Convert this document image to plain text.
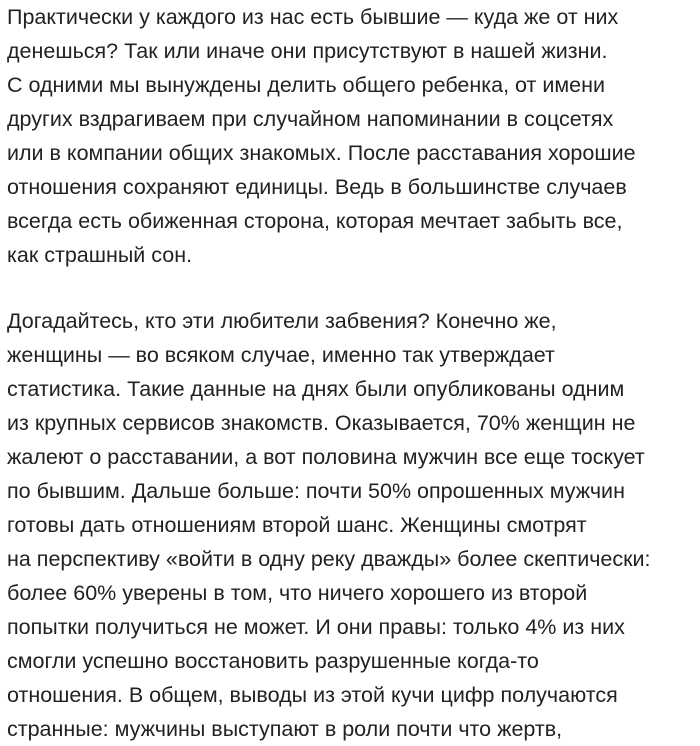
Практически у каждого из нас есть бывшие — куда же от них
денешься? Так или иначе они присутствуют в нашей жизни.
С одними мы вынуждены делить общего ребенка, от имени
других вздрагиваем при случайном напоминании в соцсетях
или в компании общих знакомых. После расставания хорошие
отношения сохраняют единицы. Ведь в большинстве случаев
всегда есть обиженная сторона, которая мечтает забыть все,
как страшный сон.

Догадайтесь, кто эти любители забвения? Конечно же,
женщины — во всяком случае, именно так утверждает
статистика. Такие данные на днях были опубликованы одним
из крупных сервисов знакомств. Оказывается, 70% женщин не
жалеют о расставании, а вот половина мужчин все еще тоскует
по бывшим. Дальше больше: почти 50% опрошенных мужчин
готовы дать отношениям второй шанс. Женщины смотрят
на перспективу «войти в одну реку дважды» более скептически:
более 60% уверены в том, что ничего хорошего из второй
попытки получиться не может. И они правы: только 4% из них
смогли успешно восстановить разрушенные когда-то
отношения. В общем, выводы из этой кучи цифр получаются
странные: мужчины выступают в роли почти что жертв,
